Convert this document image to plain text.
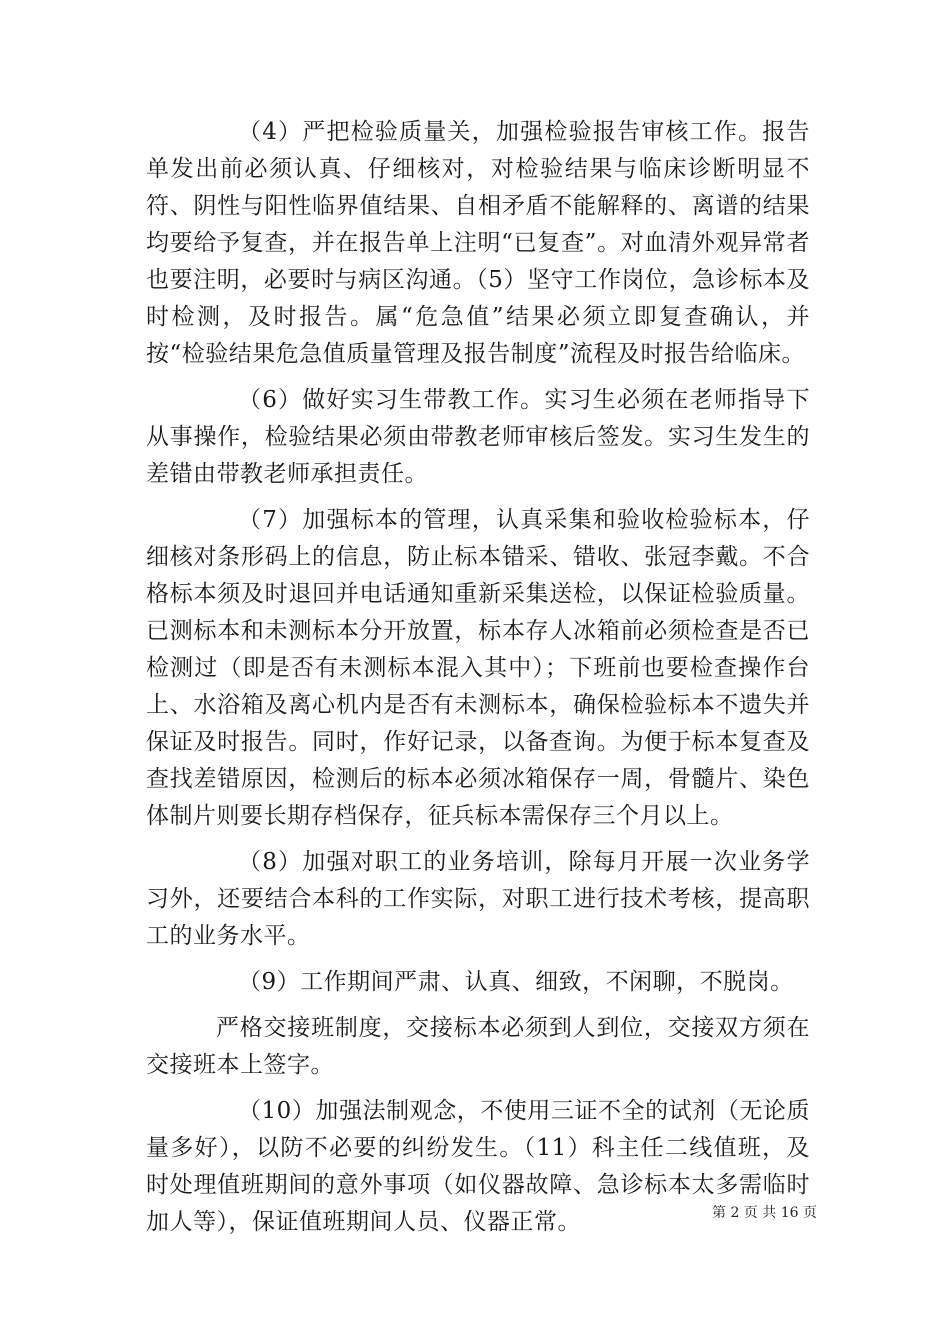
（4）严把检验质量关，加强检验报告审核工作。报告单发出前必须认真、仔细核对，对检验结果与临床诊断明显不符、阴性与阳性临界值结果、自相矛盾不能解释的、离谱的结果均要给予复查，并在报告单上注明“已复查”。对血清外观异常者也要注明，必要时与病区沟通。（5）坚守工作岗位，急诊标本及时检测，及时报告。属“危急值”结果必须立即复查确认，并按“检验结果危急值质量管理及报告制度”流程及时报告给临床。

（6）做好实习生带教工作。实习生必须在老师指导下从事操作，检验结果必须由带教老师审核后签发。实习生发生的差错由带教老师承担责任。

（7）加强标本的管理，认真采集和验收检验标本，仔细核对条形码上的信息，防止标本错采、错收、张冠李戴。不合格标本须及时退回并电话通知重新采集送检，以保证检验质量。已测标本和未测标本分开放置，标本存人冰箱前必须检查是否已检测过（即是否有未测标本混入其中）；下班前也要检查操作台上、水浴箱及离心机内是否有未测标本，确保检验标本不遗失并保证及时报告。同时，作好记录，以备查询。为便于标本复查及查找差错原因，检测后的标本必须冰箱保存一周，骨髓片、染色体制片则要长期存档保存，征兵标本需保存三个月以上。

（8）加强对职工的业务培训，除每月开展一次业务学习外，还要结合本科的工作实际，对职工进行技术考核，提高职工的业务水平。

（9）工作期间严肃、认真、细致，不闲聊，不脱岗。

严格交接班制度，交接标本必须到人到位，交接双方须在交接班本上签字。

（10）加强法制观念，不使用三证不全的试剂（无论质量多好），以防不必要的纠纷发生。（11）科主任二线值班，及时处理值班期间的意外事项（如仪器故障、急诊标本太多需临时加人等），保证值班期间人员、仪器正常。	第 2 页 共 16 页
